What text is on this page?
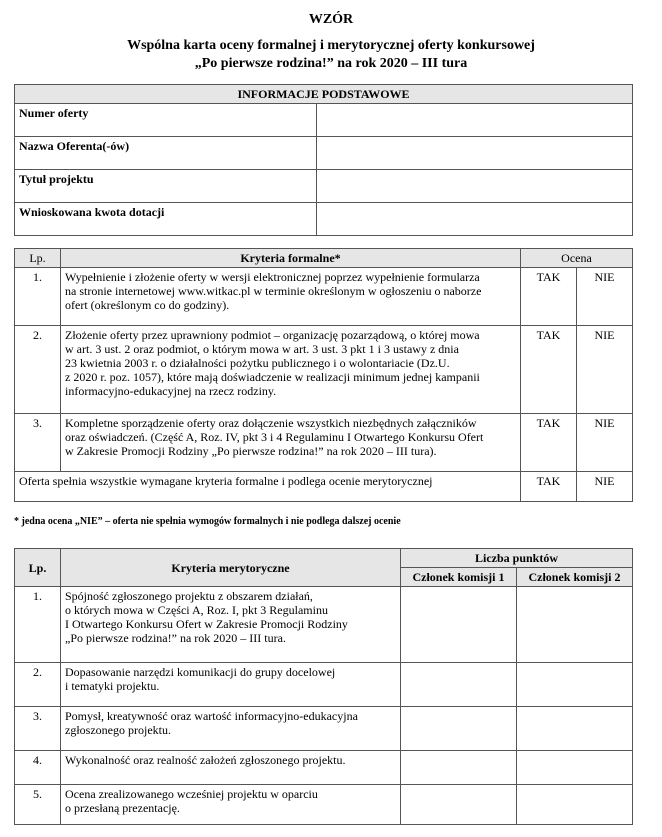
WZÓR
Wspólna karta oceny formalnej i merytorycznej oferty konkursowej
„Po pierwsze rodzina!” na rok 2020 – III tura
INFORMACJE PODSTAWOWE	
Numer oferty	
Nazwa Oferenta(-ów)	
Tytuł projektu	
Wnioskowana kwota dotacji	
Lp.	Kryteria formalne*	Ocena	
1.	Wypełnienie i złożenie oferty w wersji elektronicznej poprzez wypełnienie formularza
na stronie internetowej www.witkac.pl w terminie określonym w ogłoszeniu o naborze
ofert (określonym co do godziny).	TAK	NIE
2.	Złożenie oferty przez uprawniony podmiot – organizację pozarządową, o której mowa
w art. 3 ust. 2 oraz podmiot, o którym mowa w art. 3 ust. 3 pkt 1 i 3 ustawy z dnia
23 kwietnia 2003 r. o działalności pożytku publicznego i o wolontariacie (Dz.U.
z 2020 r. poz. 1057), które mają doświadczenie w realizacji minimum jednej kampanii
informacyjno-edukacyjnej na rzecz rodziny.	TAK	NIE
3.	Kompletne sporządzenie oferty oraz dołączenie wszystkich niezbędnych załączników
oraz oświadczeń. (Część A, Roz. IV, pkt 3 i 4 Regulaminu I Otwartego Konkursu Ofert
w Zakresie Promocji Rodziny „Po pierwsze rodzina!” na rok 2020 – III tura).	TAK	NIE
Oferta spełnia wszystkie wymagane kryteria formalne i podlega ocenie merytorycznej		TAK	NIE
* jedna ocena „NIE” – oferta nie spełnia wymogów formalnych i nie podlega dalszej ocenie
Lp.	Kryteria merytoryczne	Liczba punktów	
		Członek komisji 1	Członek komisji 2
1.	Spójność zgłoszonego projektu z obszarem działań,
o których mowa w Części A, Roz. I, pkt 3 Regulaminu
I Otwartego Konkursu Ofert w Zakresie Promocji Rodziny
„Po pierwsze rodzina!” na rok 2020 – III tura.		
2.	Dopasowanie narzędzi komunikacji do grupy docelowej
i tematyki projektu.		
3.	Pomysł, kreatywność oraz wartość informacyjno-edukacyjna
zgłoszonego projektu.		
4.	Wykonalność oraz realność założeń zgłoszonego projektu.		
5.	Ocena zrealizowanego wcześniej projektu w oparciu
o przesłaną prezentację.		
